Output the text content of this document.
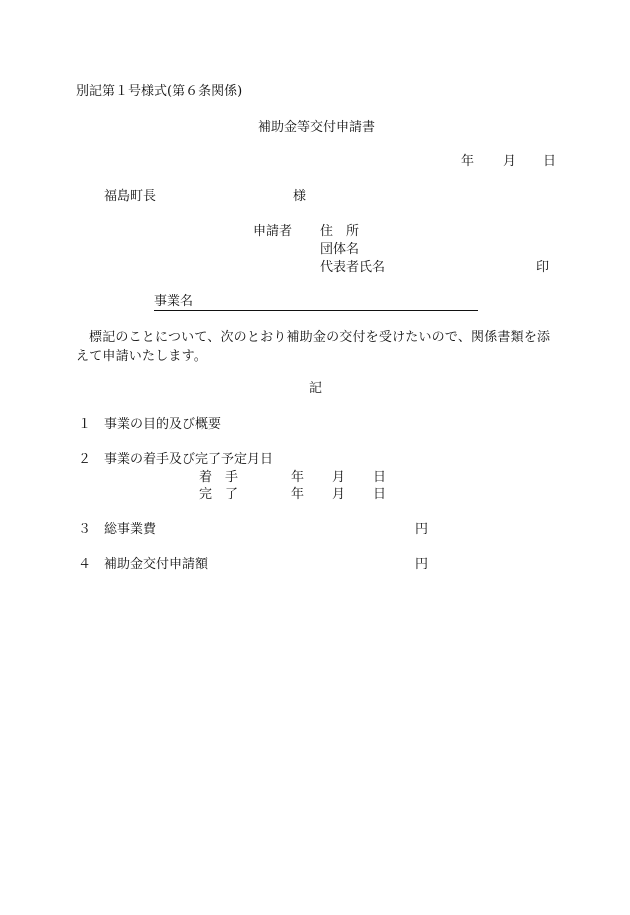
別記第１号様式(第６条関係)
補助金等交付申請書
年 月 日
福島町長	様
申請者 住　所
団体名
代表者氏名	印
事業名
標記のことについて、次のとおり補助金の交付を受けたいので、関係書類を添えて申請いたします。
記
１ 事業の目的及び概要
２ 事業の着手及び完了予定月日
着　手	年 月 日
完　了	年 月 日
３ 総事業費	円
４ 補助金交付申請額	円
